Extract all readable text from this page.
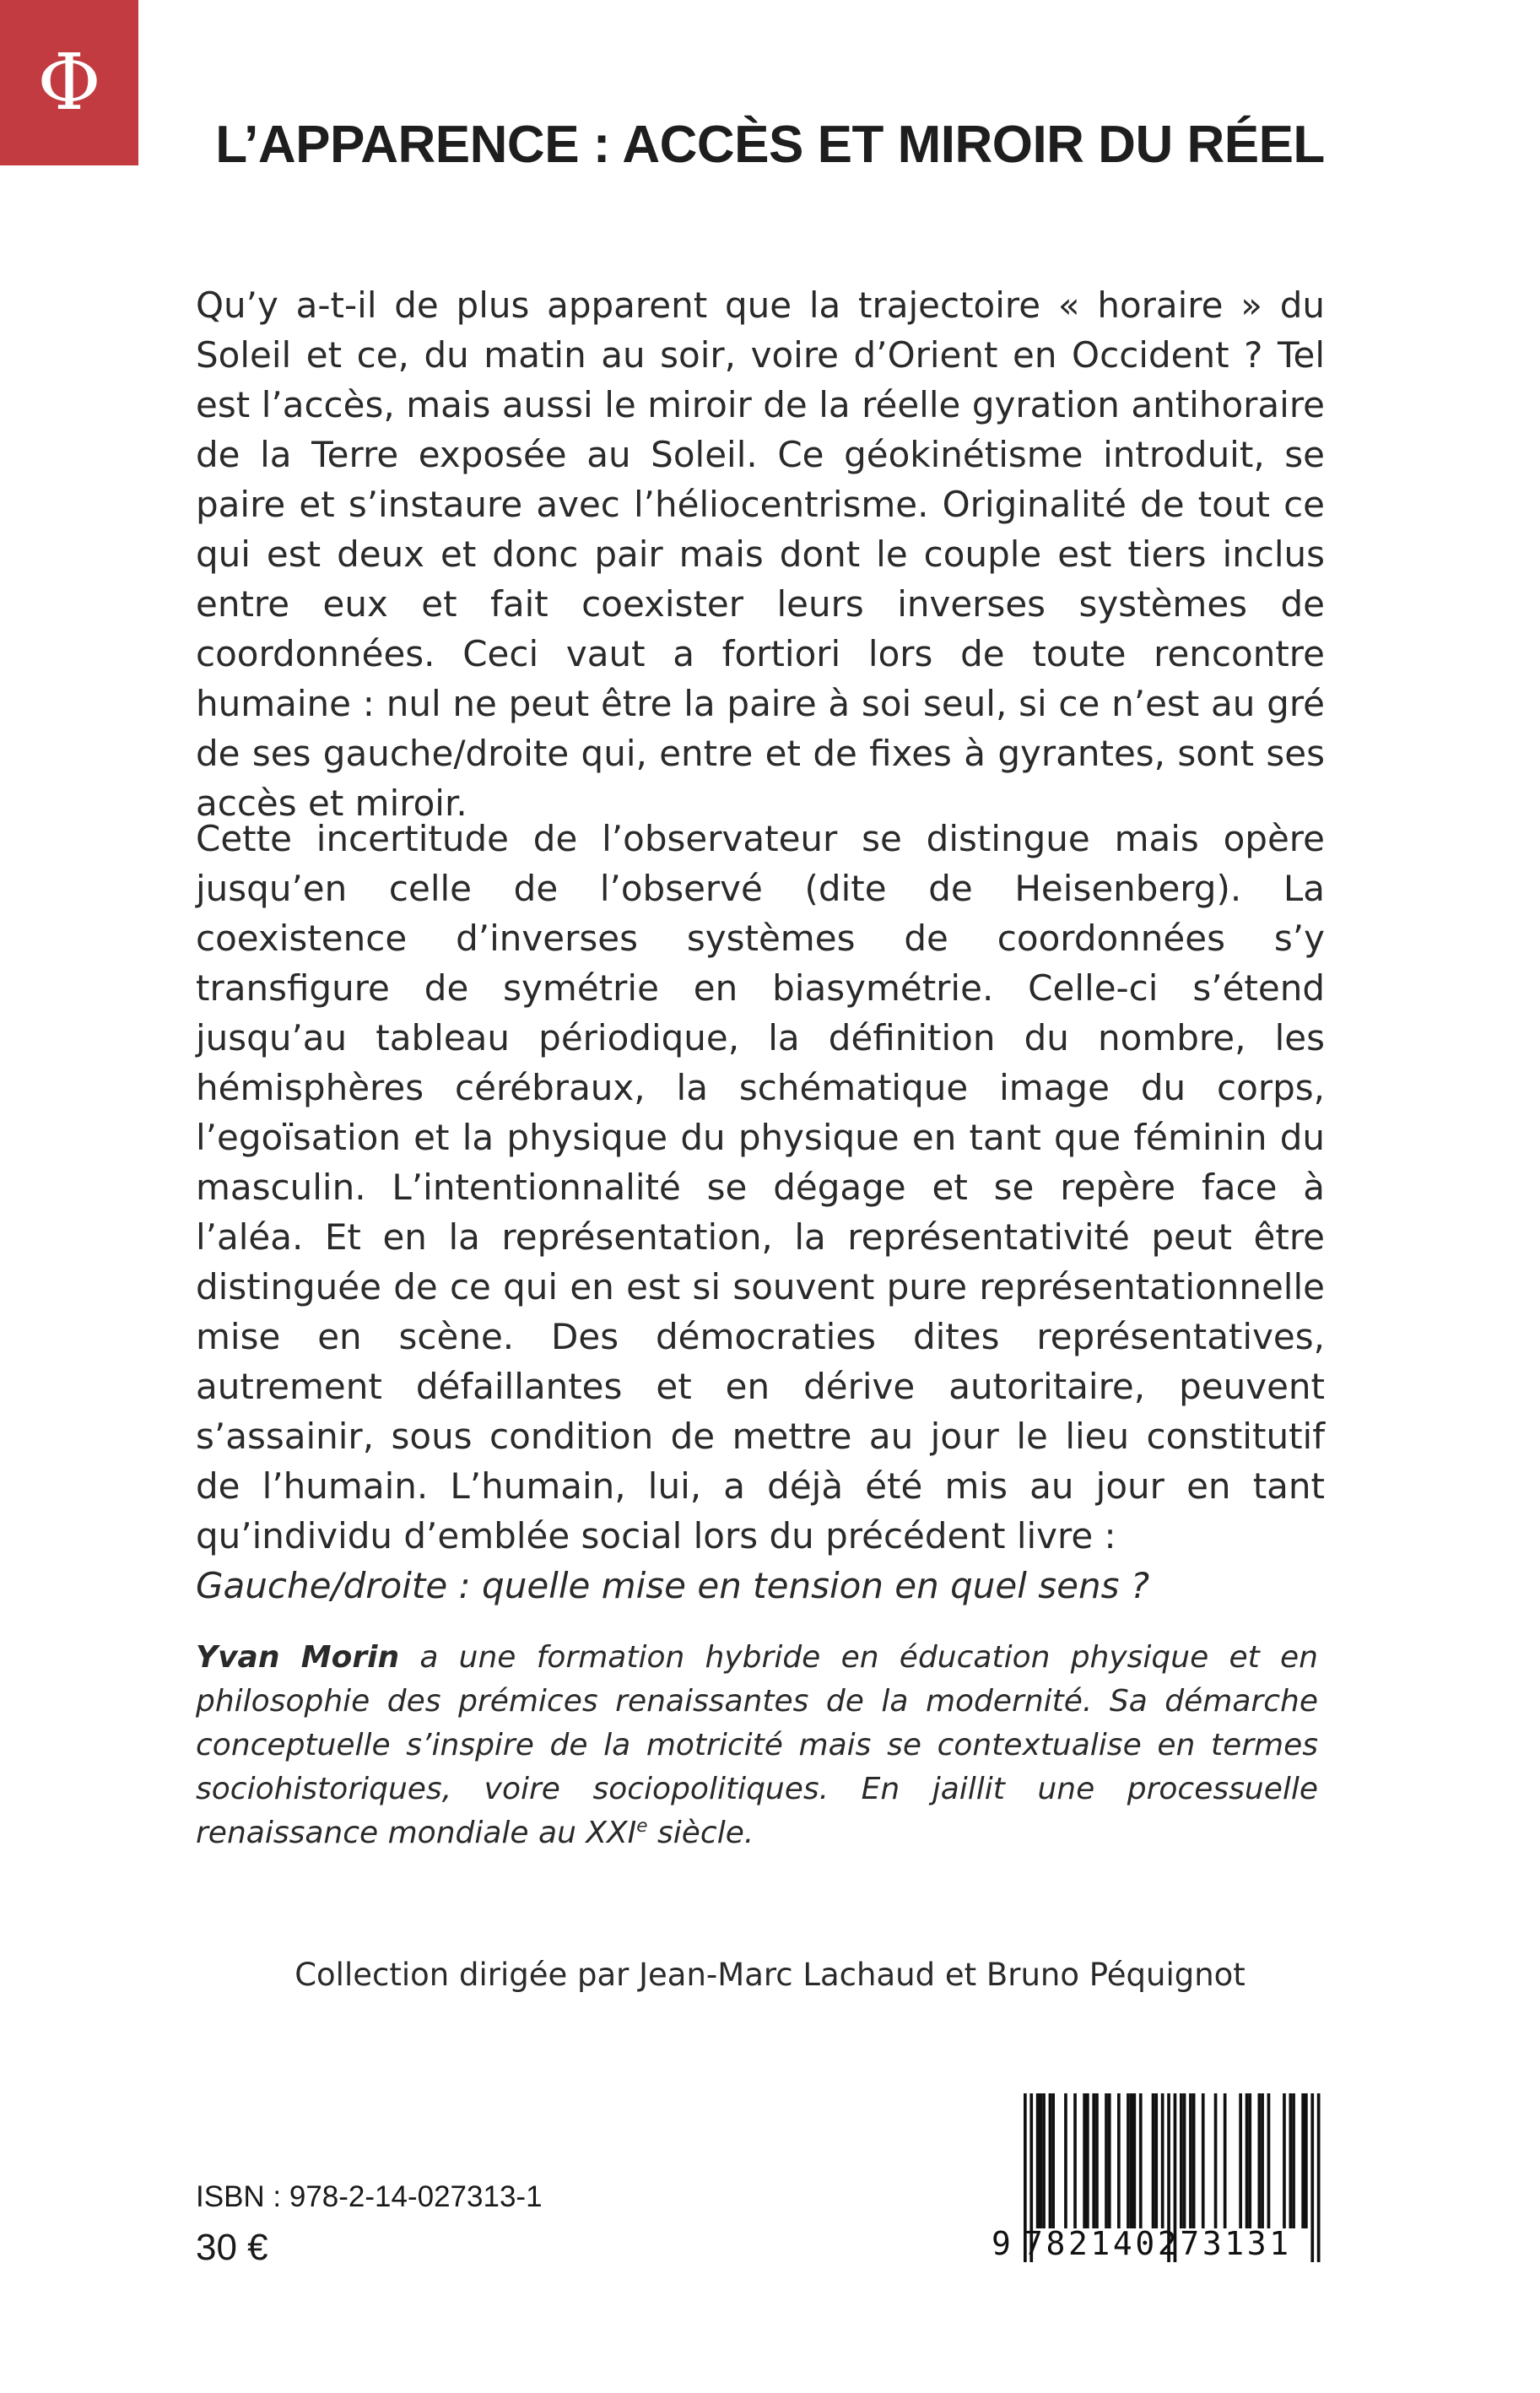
Φ
L’APPARENCE : ACCÈS ET MIROIR DU RÉEL

Qu’y a-t-il de plus apparent que la trajectoire « horaire » du Soleil et ce, du matin au soir, voire d’Orient en Occident ? Tel est l’accès, mais aussi le miroir de la réelle gyration antihoraire de la Terre exposée au Soleil. Ce géokinétisme introduit, se paire et s’instaure avec l’héliocentrisme. Originalité de tout ce qui est deux et donc pair mais dont le couple est tiers inclus entre eux et fait coexister leurs inverses systèmes de coordonnées. Ceci vaut a fortiori lors de toute rencontre humaine : nul ne peut être la paire à soi seul, si ce n’est au gré de ses gauche/droite qui, entre et de fixes à gyrantes, sont ses accès et miroir.

Cette incertitude de l’observateur se distingue mais opère jusqu’en celle de l’observé (dite de Heisenberg). La coexistence d’inverses systèmes de coordonnées s’y transfigure de symétrie en biasymétrie. Celle-ci s’étend jusqu’au tableau périodique, la définition du nombre, les hémisphères cérébraux, la schématique image du corps, l’egoïsation et la physique du physique en tant que féminin du masculin. L’intentionnalité se dégage et se repère face à l’aléa. Et en la représentation, la représentativité peut être distinguée de ce qui en est si souvent pure représentationnelle mise en scène. Des démocraties dites représentatives, autrement défaillantes et en dérive autoritaire, peuvent s’assainir, sous condition de mettre au jour le lieu constitutif de l’humain. L’humain, lui, a déjà été mis au jour en tant qu’individu d’emblée social lors du précédent livre :

Gauche/droite : quelle mise en tension en quel sens ?
Yvan Morin a une formation hybride en éducation physique et en philosophie des prémices renaissantes de la modernité. Sa démarche conceptuelle s’inspire de la motricité mais se contextualise en termes sociohistoriques, voire sociopolitiques. En jaillit une processuelle renaissance mondiale au XXIe siècle.
Collection dirigée par Jean-Marc Lachaud et Bruno Péquignot
ISBN : 978-2-14-027313-1
30 €	9 782140273131
